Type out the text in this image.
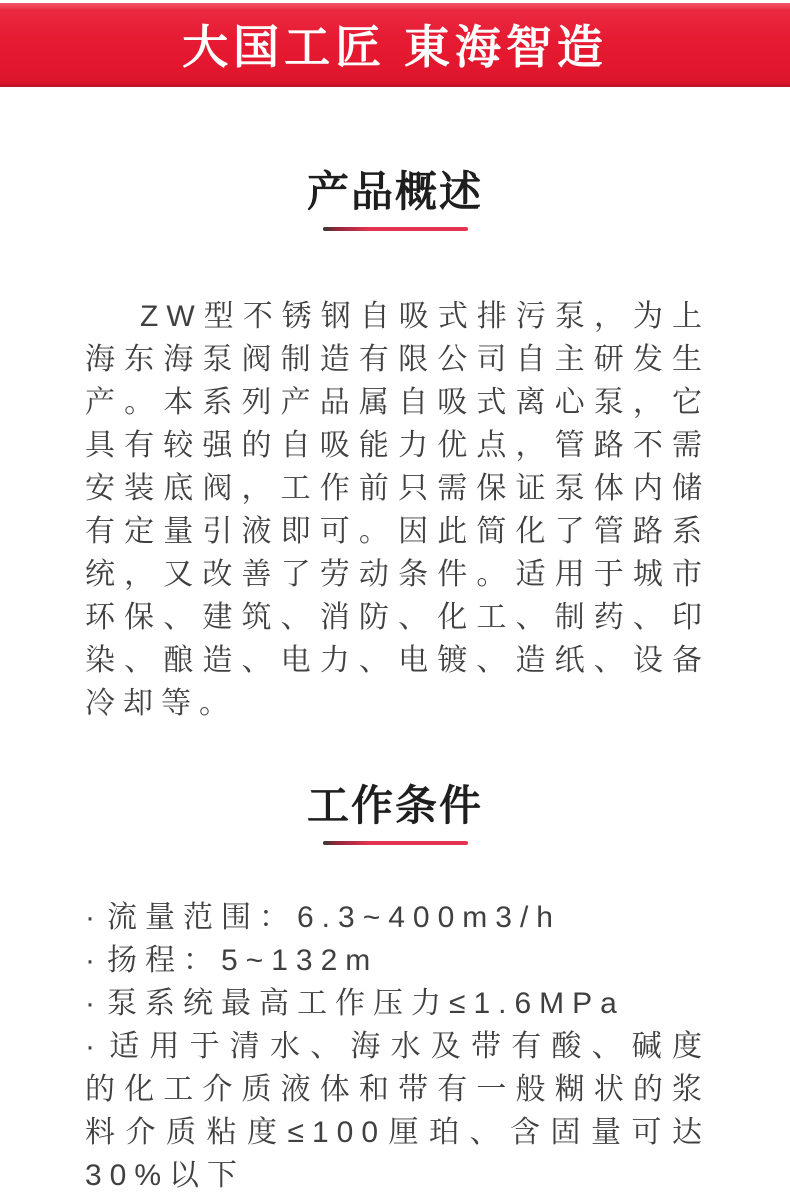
大国工匠 東海智造
产品概述

ZW型不锈钢自吸式排污泵，为上海东海泵阀制造有限公司自主研发生产。本系列产品属自吸式离心泵，它具有较强的自吸能力优点，管路不需安装底阀，工作前只需保证泵体内储有定量引液即可。因此简化了管路系统，又改善了劳动条件。适用于城市环保、建筑、消防、化工、制药、印染、酿造、电力、电镀、造纸、设备冷却等。

工作条件
· 流量范围：6.3~400m3/h
· 扬程：5~132m
· 泵系统最高工作压力≤1.6MPa
· 适用于清水、海水及带有酸、碱度的化工介质液体和带有一般糊状的浆料介质粘度≤100厘珀、含固量可达30%以下
